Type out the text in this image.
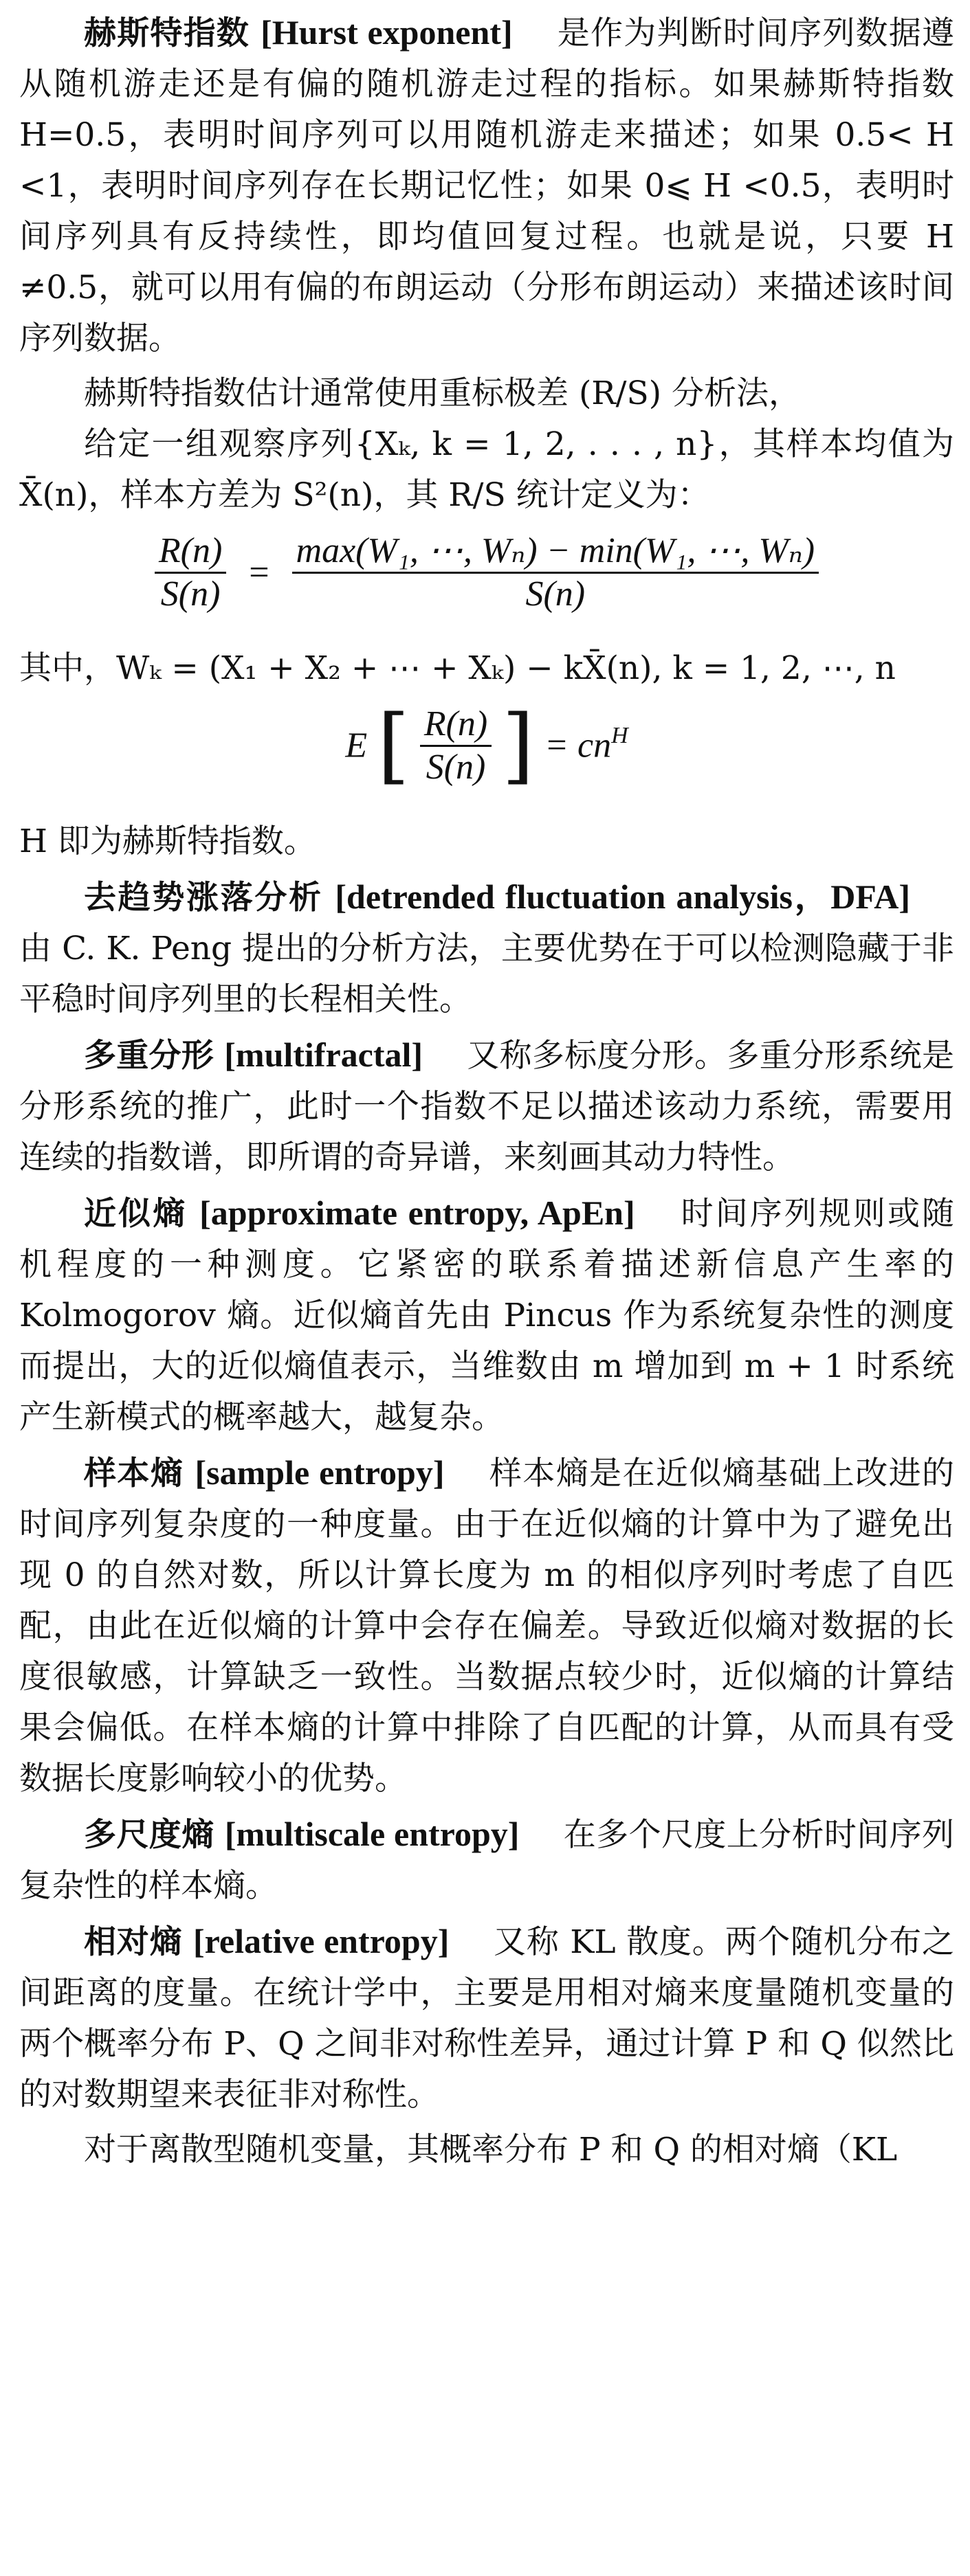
赫斯特指数 [Hurst exponent] 是作为判断时间序列数据遵从随机游走还是有偏的随机游走过程的指标。如果赫斯特指数 H=0.5，表明时间序列可以用随机游走来描述；如果 0.5< H <1，表明时间序列存在长期记忆性；如果 0⩽ H <0.5，表明时间序列具有反持续性，即均值回复过程。也就是说，只要 H ≠0.5，就可以用有偏的布朗运动（分形布朗运动）来描述该时间序列数据。

赫斯特指数估计通常使用重标极差 (R/S) 分析法，

给定一组观察序列{Xₖ, k = 1, 2, . . . , n}，其样本均值为 X̄(n)，样本方差为 S²(n)，其 R/S 统计定义为：

$\frac{R(n)}{S(n)} = \frac{\text{max(W₁, ⋯, Wₙ) − min(W₁, ⋯, Wₙ)}}{S(n)}$

其中，Wₖ = (X₁ + X₂ + ⋯ + Xₖ) − kX̄(n), k = 1, 2, ⋯, n

E [ $\frac{R(n)}{S(n)}$ ] = $cn^H$

H 即为赫斯特指数。

去趋势涨落分析 [detrended fluctuation analysis，DFA]由 C. K. Peng 提出的分析方法，主要优势在于可以检测隐藏于非平稳时间序列里的长程相关性。

多重分形 [multifractal] 又称多标度分形。多重分形系统是分形系统的推广，此时一个指数不足以描述该动力系统，需要用连续的指数谱，即所谓的奇异谱，来刻画其动力特性。

近似熵 [approximate entropy, ApEn] 时间序列规则或随机程度的一种测度。它紧密的联系着描述新信息产生率的 Kolmogorov 熵。近似熵首先由 Pincus 作为系统复杂性的测度而提出，大的近似熵值表示，当维数由 m 增加到 m + 1 时系统产生新模式的概率越大，越复杂。

样本熵 [sample entropy] 样本熵是在近似熵基础上改进的时间序列复杂度的一种度量。由于在近似熵的计算中为了避免出现 0 的自然对数，所以计算长度为 m 的相似序列时考虑了自匹配，由此在近似熵的计算中会存在偏差。导致近似熵对数据的长度很敏感，计算缺乏一致性。当数据点较少时，近似熵的计算结果会偏低。在样本熵的计算中排除了自匹配的计算，从而具有受数据长度影响较小的优势。

多尺度熵 [multiscale entropy] 在多个尺度上分析时间序列复杂性的样本熵。

相对熵 [relative entropy] 又称 KL 散度。两个随机分布之间距离的度量。在统计学中，主要是用相对熵来度量随机变量的两个概率分布 P、Q 之间非对称性差异，通过计算 P 和 Q 似然比的对数期望来表征非对称性。

对于离散型随机变量，其概率分布 P 和 Q 的相对熵（KL
